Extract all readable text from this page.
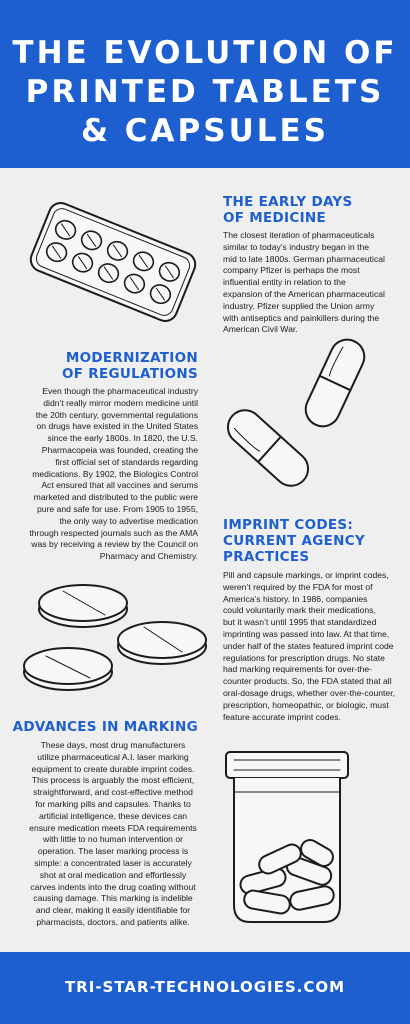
THE EVOLUTION OF
PRINTED TABLETS
& CAPSULES
THE EARLY DAYS
OF MEDICINE
The closest iteration of pharmaceuticals
similar to today’s industry began in the
mid to late 1800s. German pharmaceutical
company Pfizer is perhaps the most
influential entity in relation to the
expansion of the American pharmaceutical
industry. Pfizer supplied the Union army
with antiseptics and painkillers during the
American Civil War.
MODERNIZATION
OF REGULATIONS
Even though the pharmaceutical industry
didn’t really mirror modern medicine until
the 20th century, governmental regulations
on drugs have existed in the United States
since the early 1800s. In 1820, the U.S.
Pharmacopeia was founded, creating the
first official set of standards regarding
medications. By 1902, the Biologics Control
Act ensured that all vaccines and serums
marketed and distributed to the public were
pure and safe for use. From 1905 to 1955,
the only way to advertise medication
through respected journals such as the AMA
was by receiving a review by the Council on
Pharmacy and Chemistry.
IMPRINT CODES:
CURRENT AGENCY
PRACTICES
Pill and capsule markings, or imprint codes,
weren’t required by the FDA for most of
America’s history. In 1986, companies
could voluntarily mark their medications,
but it wasn’t until 1995 that standardized
imprinting was passed into law. At that time,
under half of the states featured imprint code
regulations for prescription drugs. No state
had marking requirements for over-the-
counter products. So, the FDA stated that all
oral-dosage drugs, whether over-the-counter,
prescription, homeopathic, or biologic, must
feature accurate imprint codes.
ADVANCES IN MARKING
These days, most drug manufacturers
utilize pharmaceutical A.I. laser marking
equipment to create durable imprint codes.
This process is arguably the most efficient,
straightforward, and cost-effective method
for marking pills and capsules. Thanks to
artificial intelligence, these devices can
ensure medication meets FDA requirements
with little to no human intervention or
operation. The laser marking process is
simple: a concentrated laser is accurately
shot at oral medication and effortlessly
carves indents into the drug coating without
causing damage. This marking is indelible
and clear, making it easily identifiable for
pharmacists, doctors, and patients alike.
TRI-STAR-TECHNOLOGIES.COM
